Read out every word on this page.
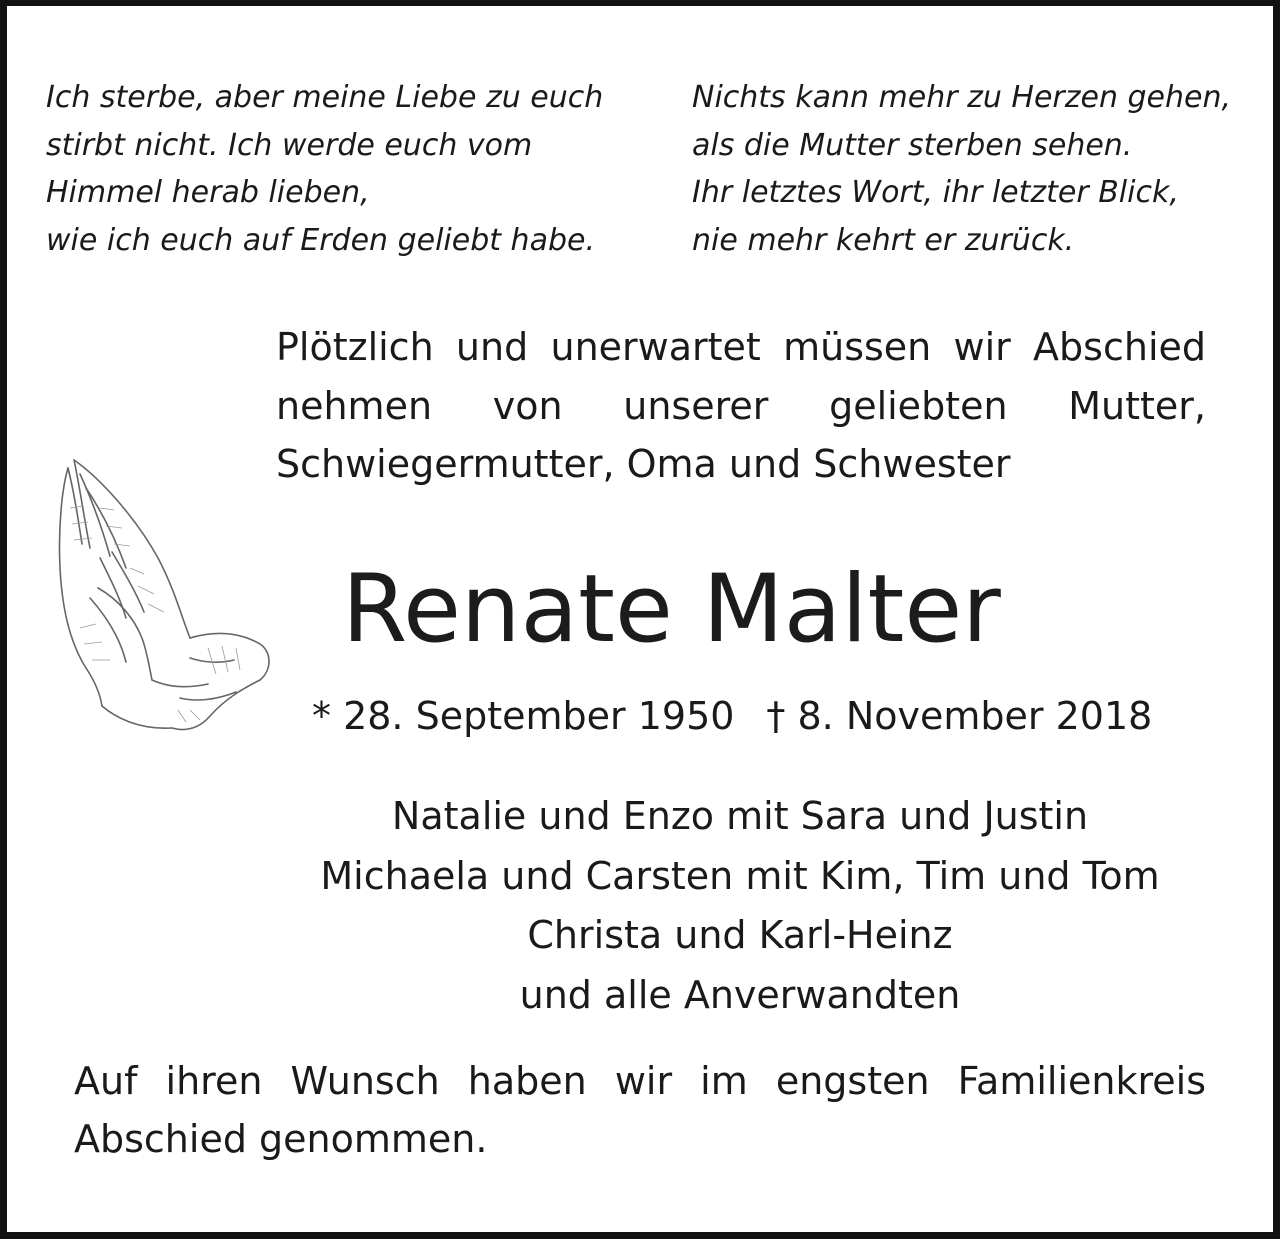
Ich sterbe, aber meine Liebe zu euch
stirbt nicht. Ich werde euch vom
Himmel herab lieben,
wie ich euch auf Erden geliebt habe.
Nichts kann mehr zu Herzen gehen,
als die Mutter sterben sehen.
Ihr letztes Wort, ihr letzter Blick,
nie mehr kehrt er zurück.
Plötzlich und unerwartet müssen wir Abschied
nehmen von unserer geliebten Mutter,
Schwiegermutter, Oma und Schwester
Renate Malter
* 28. September 1950 † 8. November 2018
Natalie und Enzo mit Sara und Justin
Michaela und Carsten mit Kim, Tim und Tom
Christa und Karl-Heinz
und alle Anverwandten
Auf ihren Wunsch haben wir im engsten Familienkreis
Abschied genommen.
